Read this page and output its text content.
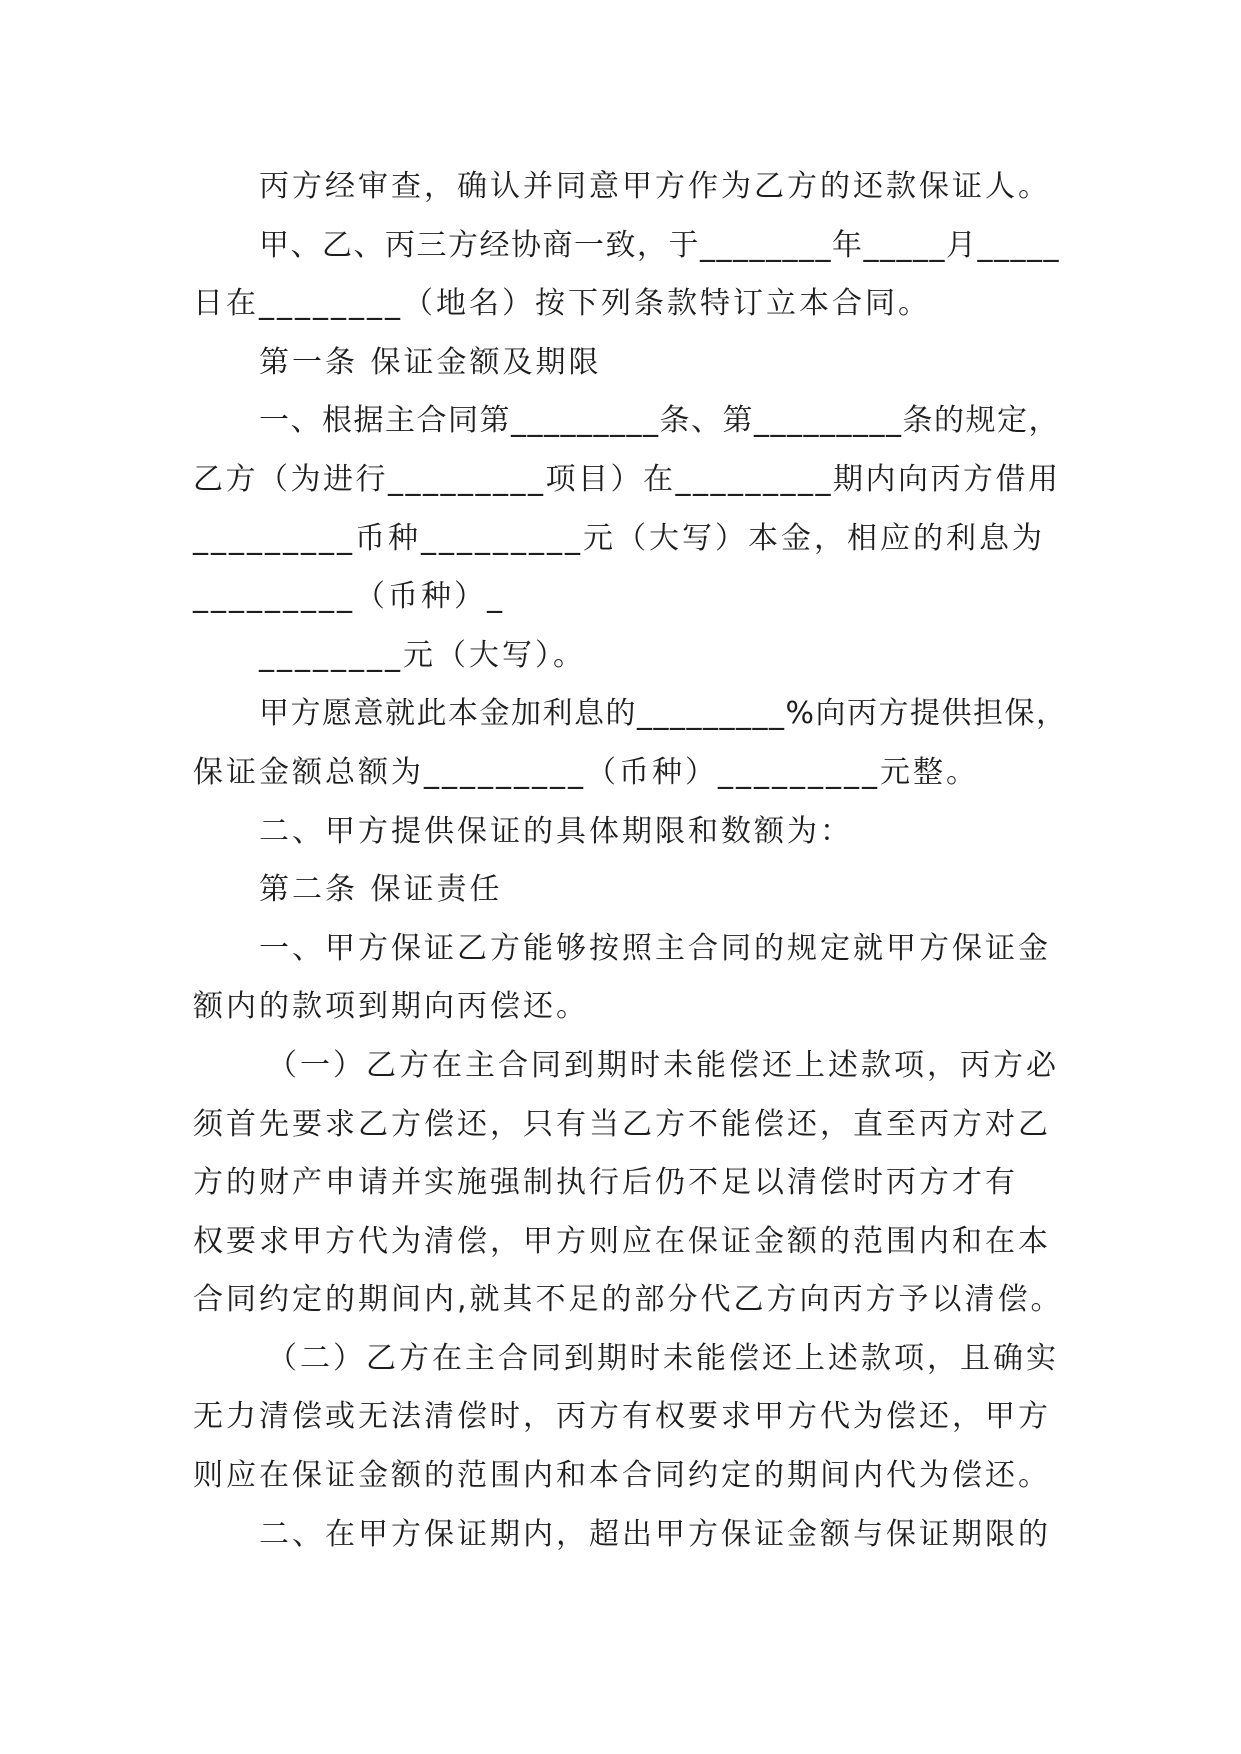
丙方经审查，确认并同意甲方作为乙方的还款保证人。
甲、乙、丙三方经协商一致，于________年_____月_____
日在________（地名）按下列条款特订立本合同。
第一条 保证金额及期限
一、根据主合同第_________条、第_________条的规定，
乙方（为进行_________项目）在_________期内向丙方借用
_________币种_________元（大写）本金，相应的利息为
_________（币种）_
________元（大写）。
甲方愿意就此本金加利息的_________%向丙方提供担保，
保证金额总额为_________（币种）_________元整。
二、甲方提供保证的具体期限和数额为：
第二条 保证责任
一、甲方保证乙方能够按照主合同的规定就甲方保证金
额内的款项到期向丙偿还。
（一）乙方在主合同到期时未能偿还上述款项，丙方必
须首先要求乙方偿还，只有当乙方不能偿还，直至丙方对乙
方的财产申请并实施强制执行后仍不足以清偿时丙方才有
权要求甲方代为清偿，甲方则应在保证金额的范围内和在本
合同约定的期间内,就其不足的部分代乙方向丙方予以清偿。
（二）乙方在主合同到期时未能偿还上述款项，且确实
无力清偿或无法清偿时，丙方有权要求甲方代为偿还，甲方
则应在保证金额的范围内和本合同约定的期间内代为偿还。
二、在甲方保证期内，超出甲方保证金额与保证期限的
